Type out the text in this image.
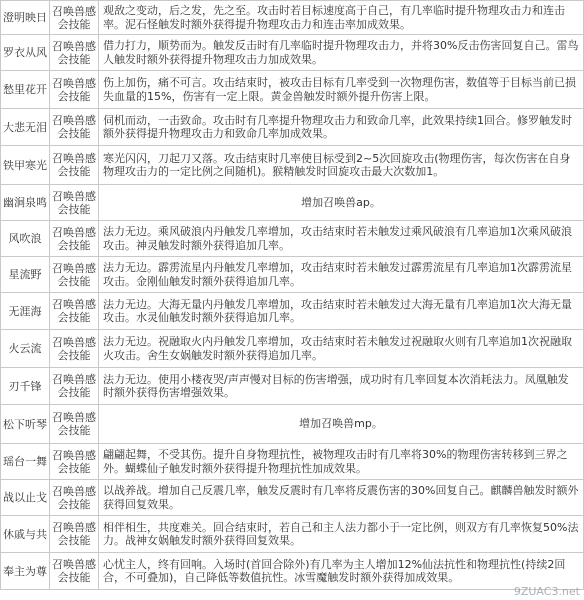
澄明映日	召唤兽感会技能	观敌之变动，后之发，先之至。攻击时若目标速度高于自己，有几率临时提升物理攻击力和连击率。泥石怪触发时额外获得提升物理攻击力和连击率加成效果。
罗衣从风	召唤兽感会技能	借力打力，顺势而为。触发反击时有几率临时提升物理攻击力，并将30%反击伤害回复自己。雷鸟人触发时额外获得提升物理攻击力加成效果。
愁里花开	召唤兽感会技能	伤上加伤，痛不可言。攻击结束时，被攻击目标有几率受到一次物理伤害，数值等于目标当前已损失血量的15%，伤害有一定上限。黄金兽触发时额外提升伤害上限。
大悲无泪	召唤兽感会技能	伺机而动，一击致命。攻击时有几率提升物理攻击力和致命几率，此效果持续1回合。修罗触发时额外获得提升物理攻击力和致命几率加成效果。
铁甲寒光	召唤兽感会技能	寒光闪闪，刀起刀又落。攻击结束时几率使目标受到2~5次回旋攻击(物理伤害，每次伤害在自身物理攻击力的一定比例之间随机)。猴精触发时回旋攻击最大次数加1。
幽涧泉鸣	召唤兽感会技能	增加召唤兽ap。
风吹浪	召唤兽感会技能	法力无边。乘风破浪内丹触发几率增加，攻击结束时若未触发过乘风破浪有几率追加1次乘风破浪攻击。神灵触发时额外获得追加几率。
星流野	召唤兽感会技能	法力无边。霹雳流星内丹触发几率增加，攻击结束时若未触发过霹雳流星有几率追加1次霹雳流星攻击。金刚仙触发时额外获得追加几率。
无涯海	召唤兽感会技能	法力无边。大海无量内丹触发几率增加，攻击结束时若未触发过大海无量有几率追加1次大海无量攻击。水灵仙触发时额外获得追加几率。
火云流	召唤兽感会技能	法力无边。祝融取火内丹触发几率增加，攻击结束时若未触发过祝融取火则有几率追加1次祝融取火攻击。舍生女娲触发时额外获得追加几率。
刃千锋	召唤兽感会技能	法力无边。使用小楼夜哭/声声慢对目标的伤害增强，成功时有几率回复本次消耗法力。凤凰触发时额外获得伤害增强效果。
松下听琴	召唤兽感会技能	增加召唤兽mp。
瑶台一舞	召唤兽感会技能	翩翩起舞，不受其伤。提升自身物理抗性，被物理攻击时有几率将30%的物理伤害转移到三界之外。蝴蝶仙子触发时额外获得提升物理抗性加成效果。
战以止戈	召唤兽感会技能	以战养战。增加自己反震几率，触发反震时有几率将反震伤害的30%回复自己。麒麟兽触发时额外获得回复效果。
休戚与共	召唤兽感会技能	相伴相生，共度难关。回合结束时，若自己和主人法力都小于一定比例，则双方有几率恢复50%法力。战神女娲触发时额外获得回复效果。
奉主为尊	召唤兽感会技能	心忧主人，终有回响。入场时(首回合除外)有几率为主人增加12%仙法抗性和物理抗性(持续2回合，不可叠加)，自己降低等数值抗性。冰雪魔触发时额外获得加成效果。
9ZUAC3.net
